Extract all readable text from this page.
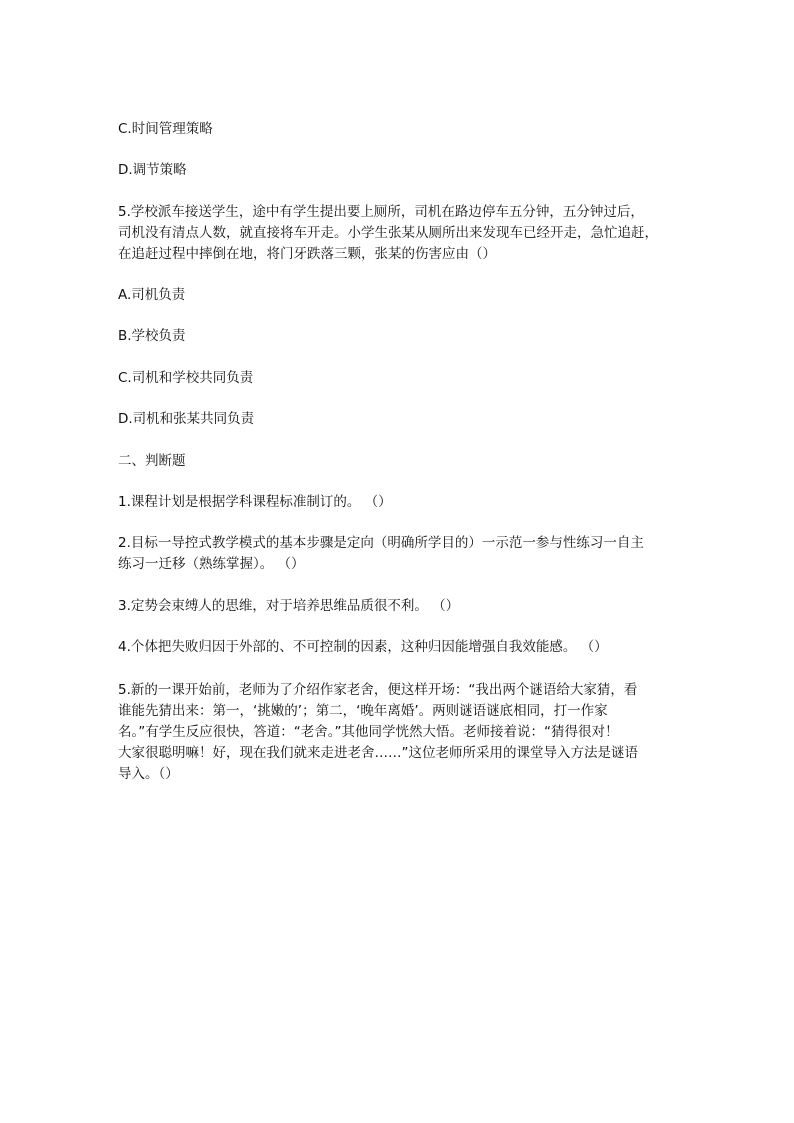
C.时间管理策略

D.调节策略

5.学校派车接送学生，途中有学生提出要上厕所，司机在路边停车五分钟，五分钟过后，
司机没有清点人数，就直接将车开走。小学生张某从厕所出来发现车已经开走，急忙追赶，
在追赶过程中摔倒在地，将门牙跌落三颗，张某的伤害应由（）

A.司机负责

B.学校负责

C.司机和学校共同负责

D.司机和张某共同负责

二、判断题

1.课程计划是根据学科课程标准制订的。 （）

2.目标一导控式教学模式的基本步骤是定向（明确所学目的）一示范一参与性练习一自主
练习一迁移（熟练掌握）。 （）

3.定势会束缚人的思维，对于培养思维品质很不利。 （）

4.个体把失败归因于外部的、不可控制的因素，这种归因能增强自我效能感。 （）

5.新的一课开始前，老师为了介绍作家老舍，便这样开场：“我出两个谜语给大家猜，看
谁能先猜出来：第一，‘挑嫩的’；第二，‘晚年离婚’。两则谜语谜底相同，打一作家
名。”有学生反应很快，答道：“老舍。”其他同学恍然大悟。老师接着说：“猜得很对！
大家很聪明嘛！好，现在我们就来走进老舍……”这位老师所采用的课堂导入方法是谜语
导入。（）
